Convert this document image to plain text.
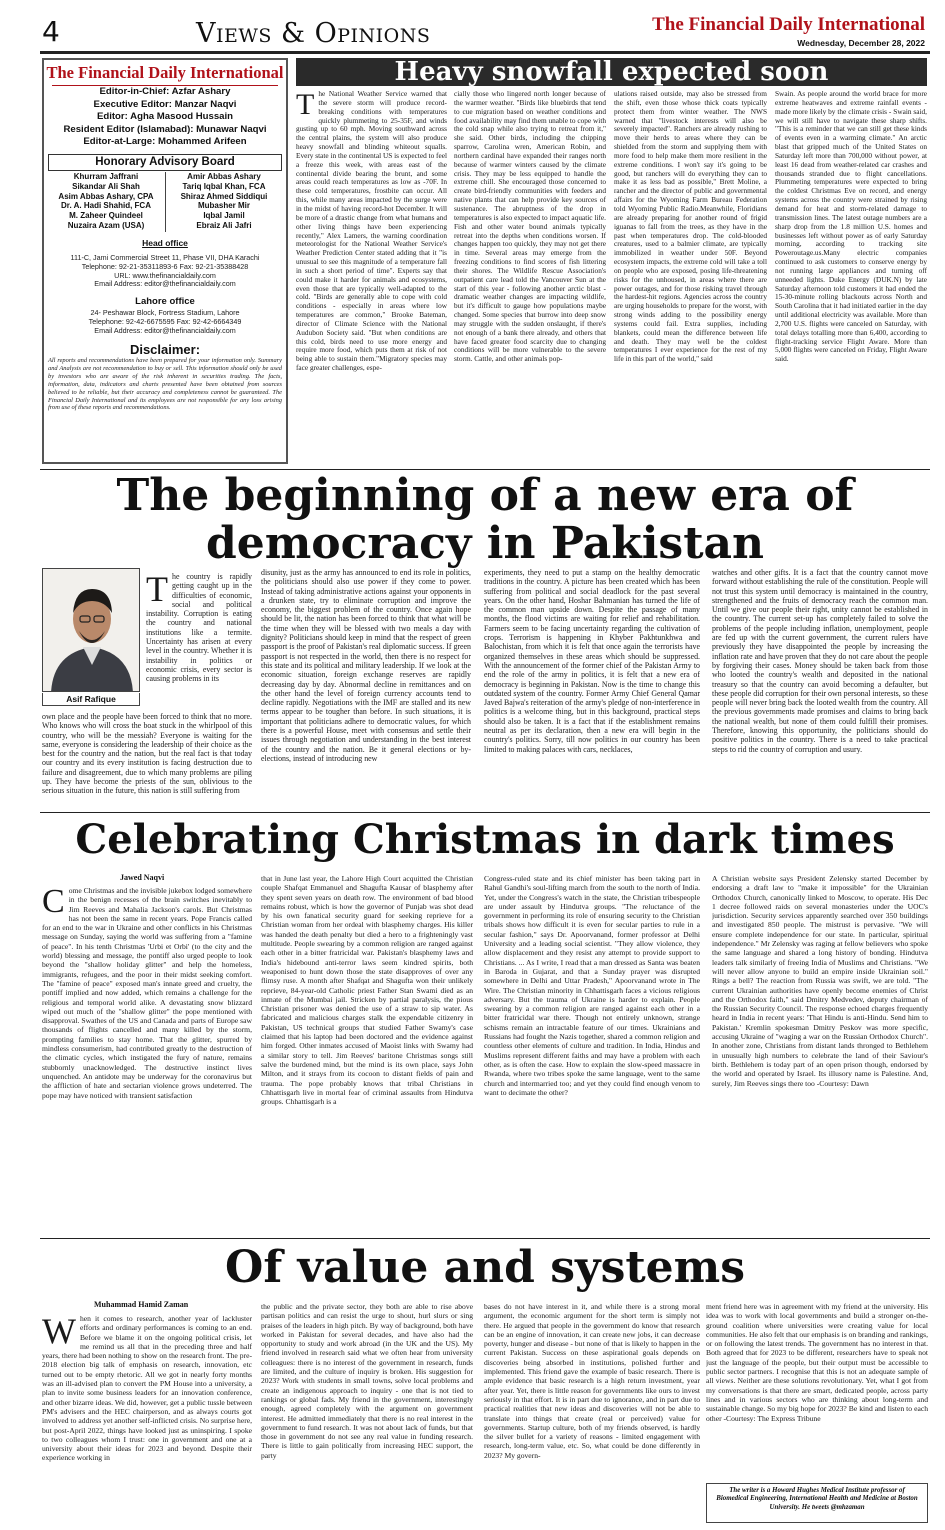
4	Views & Opinions	The Financial Daily International
Wednesday, December 28, 2022
The Financial Daily International
Editor-in-Chief: Azfar Ashary
Executive Editor: Manzar Naqvi
Editor: Agha Masood Hussain
Resident Editor (Islamabad): Munawar Naqvi
Editor-at-Large: Mohammed Arifeen
Honorary Advisory Board
Khurram Jaffrani
Sikandar Ali Shah
Asim Abbas Ashary, CPA
Dr. A. Hadi Shahid, FCA
M. Zaheer Quindeel
Nuzaira Azam (USA)
Amir Abbas Ashary
Tariq Iqbal Khan, FCA
Shiraz Ahmed Siddiqui
Mubasher Mir
Iqbal Jamil
Ebraiz Ali Jafri
Head office
111-C, Jami Commercial Street 11, Phase VII, DHA Karachi
Telephone: 92-21-35311893-6 Fax: 92-21-35388428
URL: www.thefinancialdaily.com
Email Address: editor@thefinancialdaily.com
Lahore office
24- Peshawar Block, Fortress Stadium, Lahore
Telephone: 92-42-6675595 Fax: 92-42-6664349
Email Address: editor@thefinancialdaily.com
Disclaimer:
All reports and recommendations have been prepared for your information only. Summary and Analysis are not recommendation to buy or sell. This information should only be used by investors who are aware of the risk inherent in securities trading. The facts, information, data, indicators and charts presented have been obtained from sources believed to be reliable, but their accuracy and completeness cannot be guaranteed. The Financial Daily International and its employees are not responsible for any loss arising from use of these reports and recommendations.
Heavy snowfall expected soon
The National Weather Service warned that the severe storm will produce record-breaking conditions with temperatures quickly plummeting to 25-35F, and winds gusting up to 60 mph. Moving southward across the central plains, the system will also produce heavy snowfall and blinding whiteout squalls. Every state in the continental US is expected to feel a freeze this week, with areas east of the continental divide bearing the brunt, and some areas could reach temperatures as low as -70F. In these cold temperatures, frostbite can occur. All this, while many areas impacted by the surge were in the midst of having record-hot December. It will be more of a drastic change from what humans and other living things have been experiencing recently," Alex Lamers, the warning coordination meteorologist for the National Weather Service's Weather Prediction Center stated adding that it "is unusual to see this magnitude of a temperature fall in such a short period of time". Experts say that could make it harder for animals and ecosystems, even those that are typically well-adapted to the cold. "Birds are generally able to cope with cold conditions - especially in areas where low temperatures are common," Brooke Bateman, director of Climate Science with the National Audubon Society said. "But when conditions are this cold, birds need to use more energy and require more food, which puts them at risk of not being able to sustain them."Migratory species may face greater challenges, espe-
cially those who lingered north longer because of the warmer weather. "Birds like bluebirds that tend to cue migration based on weather conditions and food availability may find them unable to cope with the cold snap while also trying to retreat from it," she said. Other birds, including the chipping sparrow, Carolina wren, American Robin, and northern cardinal have expanded their ranges north because of warmer winters caused by the climate crisis. They may be less equipped to handle the extreme chill. She encouraged those concerned to create bird-friendly communities with feeders and native plants that can help provide key sources of sustenance. The abruptness of the drop in temperatures is also expected to impact aquatic life. Fish and other water bound animals typically retreat into the depths when conditions worsen. If changes happen too quickly, they may not get there in time. Several areas may emerge from the freezing conditions to find scores of fish littering their shores. The Wildlife Rescue Association's outpatient care lead told the Vancouver Sun at the start of this year - following another arctic blast - dramatic weather changes are impacting wildlife, but it's difficult to gauge how populations maybe changed. Some species that burrow into deep snow may struggle with the sudden onslaught, if there's not enough of a bank there already, and others that have faced greater food scarcity due to changing conditions will be more vulnerable to the severe storm. Cattle, and other animals pop-
ulations raised outside, may also be stressed from the shift, even those whose thick coats typically protect them from winter weather. The NWS warned that "livestock interests will also be severely impacted". Ranchers are already rushing to move their herds to areas where they can be shielded from the storm and supplying them with more food to help make them more resilient in the extreme conditions. I won't say it's going to be good, but ranchers will do everything they can to make it as less bad as possible," Brett Moline, a rancher and the director of public and governmental affairs for the Wyoming Farm Bureau Federation told Wyoming Public Radio.Meanwhile, Floridians are already preparing for another round of frigid iguanas to fall from the trees, as they have in the past when temperatures drop. The cold-blooded creatures, used to a balmier climate, are typically immobilized in weather under 50F. Beyond ecosystem impacts, the extreme cold will take a toll on people who are exposed, posing life-threatening risks for the unhoused, in areas where there are power outages, and for those risking travel through the hardest-hit regions. Agencies across the country are urging households to prepare for the worst, with strong winds adding to the possibility energy systems could fail. Extra supplies, including blankets, could mean the difference between life and death. They may well be the coldest temperatures I ever experience for the rest of my life in this part of the world," said
Swain. As people around the world brace for more extreme heatwaves and extreme rainfall events - made more likely by the climate crisis - Swain said, we will still have to navigate these sharp shifts. "This is a reminder that we can still get these kinds of events even in a warming climate." An arctic blast that gripped much of the United States on Saturday left more than 700,000 without power, at least 16 dead from weather-related car crashes and thousands stranded due to flight cancellations. Plummeting temperatures were expected to bring the coldest Christmas Eve on record, and energy systems across the country were strained by rising demand for heat and storm-related damage to transmission lines. The latest outage numbers are a sharp drop from the 1.8 million U.S. homes and businesses left without power as of early Saturday morning, according to tracking site Poweroutage.us.Many electric companies continued to ask customers to conserve energy by not running large appliances and turning off unneeded lights. Duke Energy (DUK.N) by late Saturday afternoon told customers it had ended the 15-30-minute rolling blackouts across North and South Carolina that it had initiated earlier in the day until additional electricity was available. More than 2,700 U.S. flights were canceled on Saturday, with total delays totalling more than 6,400, according to flight-tracking service Flight Aware. More than 5,000 flights were canceled on Friday, Flight Aware said.
The beginning of a new era of
democracy in Pakistan
Asif Rafique
The country is rapidly getting caught up in the difficulties of economic, social and political instability. Corruption is eating the country and national institutions like a termite. Uncertainty has arisen at every level in the country. Whether it is instability in politics or economic crisis, every sector is causing problems in its
own place and the people have been forced to think that no more. Who knows who will cross the boat stuck in the whirlpool of this country, who will be the messiah? Everyone is waiting for the same, everyone is considering the leadership of their choice as the best for the country and the nation, but the real fact is that today our country and its every institution is facing destruction due to failure and disagreement, due to which many problems are piling up. They have become the priests of the sun, oblivious to the serious situation in the future, this nation is still suffering from
disunity, just as the army has announced to end its role in politics, the politicians should also use power if they come to power. Instead of taking administrative actions against your opponents in a drunken state, try to eliminate corruption and improve the economy, the biggest problem of the country. Once again hope should be lit, the nation has been forced to think that what will be the time when they will be blessed with two meals a day with dignity? Politicians should keep in mind that the respect of green passport is the proof of Pakistan's real diplomatic success. If green passport is not respected in the world, then there is no respect for this state and its political and military leadership. If we look at the economic situation, foreign exchange reserves are rapidly decreasing day by day. Abnormal decline in remittances and on the other hand the level of foreign currency accounts tend to decline rapidly. Negotiations with the IMF are stalled and its new terms appear to be tougher than before. In such situations, it is important that politicians adhere to democratic values, for which there is a powerful House, meet with consensus and settle their issues through negotiation and understanding in the best interest of the country and the nation. Be it general elections or by-elections, instead of introducing new
experiments, they need to put a stamp on the healthy democratic traditions in the country. A picture has been created which has been suffering from political and social deadlock for the past several years. On the other hand, Hoshar Bahmanian has turned the life of the common man upside down. Despite the passage of many months, the flood victims are waiting for relief and rehabilitation. Farmers seem to be facing uncertainty regarding the cultivation of crops. Terrorism is happening in Khyber Pakhtunkhwa and Balochistan, from which it is felt that once again the terrorists have organized themselves in these areas which should be suppressed. With the announcement of the former chief of the Pakistan Army to end the role of the army in politics, it is felt that a new era of democracy is beginning in Pakistan. Now is the time to change this outdated system of the country. Former Army Chief General Qamar Javed Bajwa's reiteration of the army's pledge of non-interference in politics is a welcome thing, but in this background, practical steps should also be taken. It is a fact that if the establishment remains neutral as per its declaration, then a new era will begin in the country's politics. Sorry, till now politics in our country has been limited to making palaces with cars, necklaces,
watches and other gifts. It is a fact that the country cannot move forward without establishing the rule of the constitution. People will not trust this system until democracy is maintained in the country, strengthened and the fruits of democracy reach the common man. Until we give our people their right, unity cannot be established in the country. The current set-up has completely failed to solve the problems of the people including inflation, unemployment, people are fed up with the current government, the current rulers have previously they have disappointed the people by increasing the inflation rate and have proven that they do not care about the people by forgiving their cases. Money should be taken back from those who looted the country's wealth and deposited in the national treasury so that the country can avoid becoming a defaulter, but these people did corruption for their own personal interests, so these people will never bring back the looted wealth from the country. All the previous governments made promises and claims to bring back the national wealth, but none of them could fulfill their promises. Therefore, knowing this opportunity, the politicians should do positive politics in the country. There is a need to take practical steps to rid the country of corruption and usury.
Celebrating Christmas in dark times
Jawed Naqvi
Come Christmas and the invisible jukebox lodged somewhere in the benign recesses of the brain switches inevitably to Jim Reeves and Mahalia Jackson's carols. But Christmas has not been the same in recent years. Pope Francis called for an end to the war in Ukraine and other conflicts in his Christmas message on Sunday, saying the world was suffering from a "famine of peace". In his tenth Christmas 'Urbi et Orbi' (to the city and the world) blessing and message, the pontiff also urged people to look beyond the "shallow holiday glitter" and help the homeless, immigrants, refugees, and the poor in their midst seeking comfort. The "famine of peace" exposed man's innate greed and cruelty, the pontiff implied and now added, which remains a challenge for the religious and temporal world alike. A devastating snow blizzard wiped out much of the "shallow glitter" the pope mentioned with disapproval. Swathes of the US and Canada and parts of Europe saw thousands of flights cancelled and many killed by the storm, prompting families to stay home. That the glitter, spurred by mindless consumerism, had contributed greatly to the destruction of the climatic cycles, which instigated the fury of nature, remains stubbornly unacknowledged. The destructive instinct lives unquenched. An antidote may be underway for the coronavirus but the affliction of hate and sectarian violence grows undeterred. The pope may have noticed with transient satisfaction
that in June last year, the Lahore High Court acquitted the Christian couple Shafqat Emmanuel and Shagufta Kausar of blasphemy after they spent seven years on death row. The environment of bad blood remains robust, which is how the governor of Punjab was shot dead by his own fanatical security guard for seeking reprieve for a Christian woman from her ordeal with blasphemy charges. His killer was handed the death penalty but died a hero to a frighteningly vast multitude. People swearing by a common religion are ranged against each other in a bitter fratricidal war. Pakistan's blasphemy laws and India's hidebound anti-terror laws seem kindred spirits, both weaponised to hunt down those the state disapproves of over any flimsy ruse. A month after Shafqat and Shagufta won their unlikely reprieve, 84-year-old Catholic priest Father Stan Swami died as an inmate of the Mumbai jail. Stricken by partial paralysis, the pious Christian prisoner was denied the use of a straw to sip water. As fabricated and malicious charges stalk the expendable citizenry in Pakistan, US technical groups that studied Father Swamy's case claimed that his laptop had been doctored and the evidence against him forged. Other inmates accused of Maoist links with Swamy had a similar story to tell. Jim Reeves' baritone Christmas songs still salve the burdened mind, but the mind is its own place, says John Milton, and it strays from its cocoon to distant fields of pain and trauma. The pope probably knows that tribal Christians in Chhattisgarh live in mortal fear of criminal assaults from Hindutva groups. Chhattisgarh is a
Congress-ruled state and its chief minister has been taking part in Rahul Gandhi's soul-lifting march from the south to the north of India. Yet, under the Congress's watch in the state, the Christian tribespeople are under assault by Hindutva groups. "The reluctance of the government in performing its role of ensuring security to the Christian tribals shows how difficult it is even for secular parties to rule in a secular fashion," says Dr. Apoorvanand, former professor at Delhi University and a leading social scientist. "They allow violence, they allow displacement and they resist any attempt to provide support to Christians. ... As I write, I read that a man dressed as Santa was beaten in Baroda in Gujarat, and that a Sunday prayer was disrupted somewhere in Delhi and Uttar Pradesh," Apoorvanand wrote in The Wire. The Christian minority in Chhattisgarh faces a vicious religious adversary. But the trauma of Ukraine is harder to explain. People swearing by a common religion are ranged against each other in a bitter fratricidal war there. Though not entirely unknown, strange schisms remain an intractable feature of our times. Ukrainians and Russians had fought the Nazis together, shared a common religion and countless other elements of culture and tradition. In India, Hindus and Muslims represent different faiths and may have a problem with each other, as is often the case. How to explain the slow-speed massacre in Rwanda, where two tribes spoke the same language, went to the same church and intermarried too; and yet they could find enough venom to want to decimate the other?
A Christian website says President Zelensky started December by endorsing a draft law to "make it impossible" for the Ukrainian Orthodox Church, canonically linked to Moscow, to operate. His Dec 1 decree followed raids on several monasteries under the UOC's jurisdiction. Security services apparently searched over 350 buildings and investigated 850 people. The mistrust is pervasive. "We will ensure complete independence for our state. In particular, spiritual independence." Mr Zelensky was raging at fellow believers who spoke the same language and shared a long history of bonding. Hindutva leaders talk similarly of freeing India of Muslims and Christians. "We will never allow anyone to build an empire inside Ukrainian soil." Rings a bell? The reaction from Russia was swift, we are told. "The current Ukrainian authorities have openly become enemies of Christ and the Orthodox faith," said Dmitry Medvedev, deputy chairman of the Russian Security Council. The response echoed charges frequently heard in India in recent years: 'That Hindu is anti-Hindu. Send him to Pakistan.' Kremlin spokesman Dmitry Peskov was more specific, accusing Ukraine of "waging a war on the Russian Orthodox Church". In another zone, Christians from distant lands thronged to Bethlehem in unusually high numbers to celebrate the land of their Saviour's birth. Bethlehem is today part of an open prison though, endorsed by the world and operated by Israel. Its illusory name is Palestine. And, surely, Jim Reeves sings there too -Courtesy: Dawn
Of value and systems
Muhammad Hamid Zaman
When it comes to research, another year of lackluster efforts and ordinary performances is coming to an end. Before we blame it on the ongoing political crisis, let me remind us all that in the preceding three and half years, there had been nothing to show on the research front. The pre-2018 election big talk of emphasis on research, innovation, etc turned out to be empty rhetoric. All we got in nearly forty months was an ill-advised plan to convert the PM House into a university, a plan to invite some business leaders for an innovation conference, and other bizarre ideas. We did, however, get a public tussle between PM's advisers and the HEC chairperson, and as always courts got involved to address yet another self-inflicted crisis. No surprise here, but post-April 2022, things have looked just as uninspiring. I spoke to two colleagues whom I trust: one in government and one at a university about their ideas for 2023 and beyond. Despite their experience working in
the public and the private sector, they both are able to rise above partisan politics and can resist the urge to shout, hurl slurs or sing praises of the leaders in high pitch. By way of background, both have worked in Pakistan for several decades, and have also had the opportunity to study and work abroad (in the UK and the US). My friend involved in research said what we often hear from university colleagues: there is no interest of the government in research, funds are limited, and the culture of inquiry is broken. His suggestion for 2023? Work with students in small towns, solve local problems and create an indigenous approach to inquiry - one that is not tied to rankings or global fads. My friend in the government, interestingly enough, agreed completely with the argument on government interest. He admitted immediately that there is no real interest in the government to fund research. It was not about lack of funds, but that those in government do not see any real value in funding research. There is little to gain politically from increasing HEC support, the party
bases do not have interest in it, and while there is a strong moral argument, the economic argument for the short term is simply not there. He argued that people in the government do know that research can be an engine of innovation, it can create new jobs, it can decrease poverty, hunger and disease - but none of that is likely to happen in the current Pakistan. Success on these aspirational goals depends on discoveries being absorbed in institutions, polished further and implemented. This friend gave the example of basic research. There is ample evidence that basic research is a high return investment, year after year. Yet, there is little reason for governments like ours to invest seriously in that effort. It is in part due to ignorance, and in part due to practical realities that new ideas and discoveries will not be able to translate into things that create (real or perceived) value for governments. Startup culture, both of my friends observed, is hardly the silver bullet for a variety of reasons - limited engagement with research, long-term value, etc. So, what could be done differently in 2023? My govern-
ment friend here was in agreement with my friend at the university. His idea was to work with local governments and build a stronger on-the-ground coalition where universities were creating value for local communities. He also felt that our emphasis is on branding and rankings, or on following the latest trends. The government has no interest in that. Both agreed that for 2023 to be different, researchers have to speak not just the language of the people, but their output must be accessible to public sector partners. I recognise that this is not an adequate sample of all views. Neither are these solutions revolutionary. Yet, what I got from my conversations is that there are smart, dedicated people, across party lines and in various sectors who are thinking about long-term and sustainable change. So my big hope for 2023? Be kind and listen to each other -Courtesy: The Express Tribune
The writer is a Howard Hughes Medical Institute professor of Biomedical Engineering, International Health and Medicine at Boston University. He tweets @mhzaman
